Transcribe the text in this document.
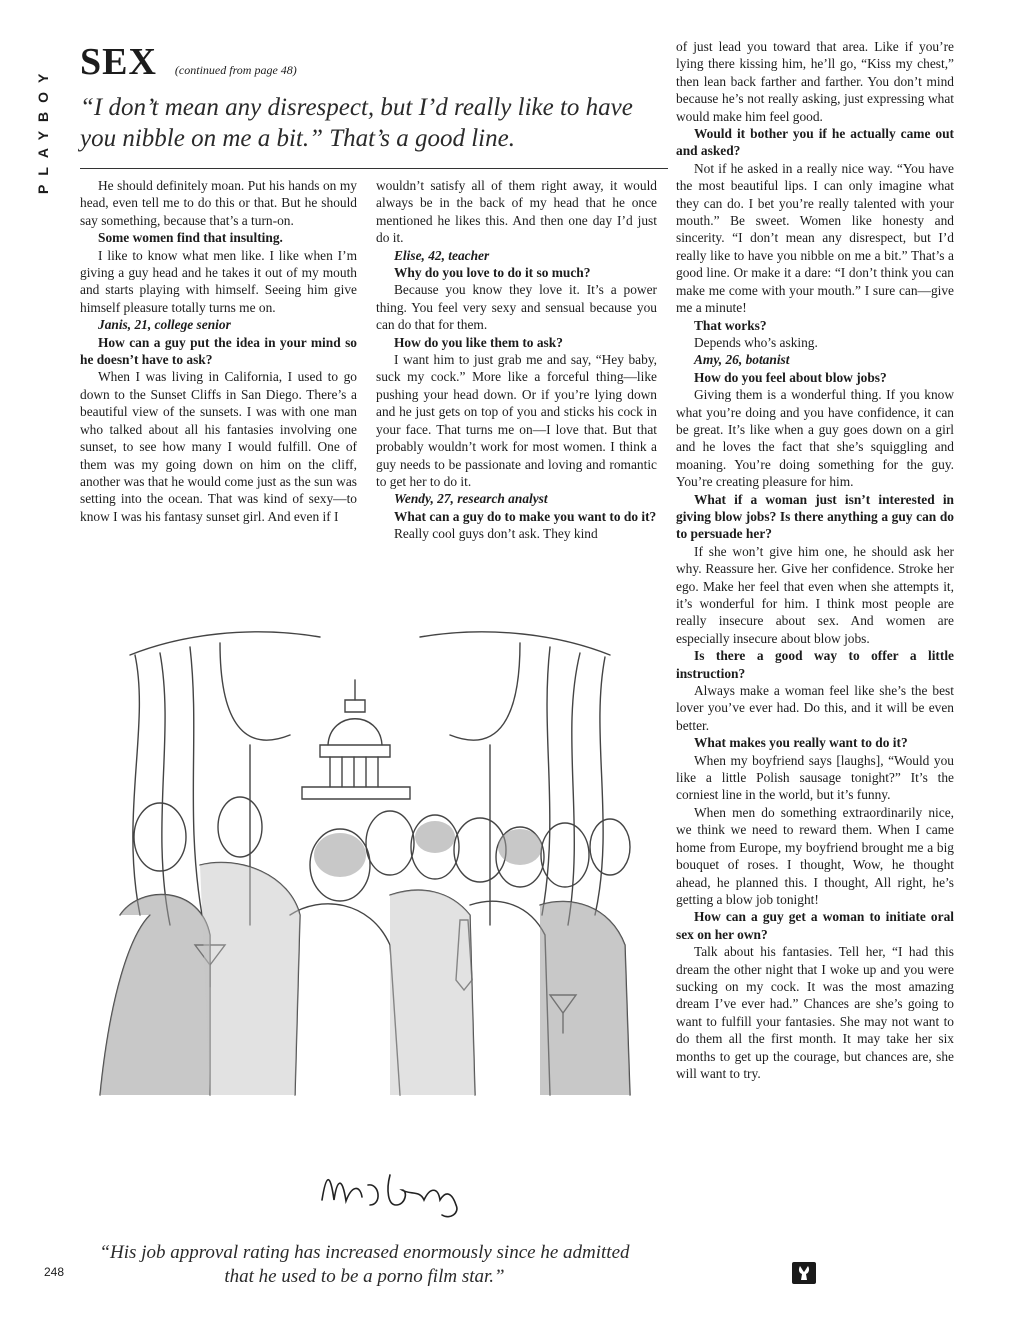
PLAYBOY
SEX (continued from page 48)
“I don’t mean any disrespect, but I’d really like to have you nibble on me a bit.” That’s a good line.

He should definitely moan. Put his hands on my head, even tell me to do this or that. But he should say something, because that’s a turn-on.

Some women find that insulting.

I like to know what men like. I like when I’m giving a guy head and he takes it out of my mouth and starts playing with himself. Seeing him give himself pleasure totally turns me on.

Janis, 21, college senior

How can a guy put the idea in your mind so he doesn’t have to ask?

When I was living in California, I used to go down to the Sunset Cliffs in San Diego. There’s a beautiful view of the sunsets. I was with one man who talked about all his fantasies involving one sunset, to see how many I would fulfill. One of them was my going down on him on the cliff, another was that he would come just as the sun was setting into the ocean. That was kind of sexy—to know I was his fantasy sunset girl. And even if I

wouldn’t satisfy all of them right away, it would always be in the back of my head that he once mentioned he likes this. And then one day I’d just do it.

Elise, 42, teacher

Why do you love to do it so much?

Because you know they love it. It’s a power thing. You feel very sexy and sensual because you can do that for them.

How do you like them to ask?

I want him to just grab me and say, “Hey baby, suck my cock.” More like a forceful thing—like pushing your head down. Or if you’re lying down and he just gets on top of you and sticks his cock in your face. That turns me on—I love that. But that probably wouldn’t work for most women. I think a guy needs to be passionate and loving and romantic to get her to do it.

Wendy, 27, research analyst

What can a guy do to make you want to do it?

Really cool guys don’t ask. They kind

of just lead you toward that area. Like if you’re lying there kissing him, he’ll go, “Kiss my chest,” then lean back farther and farther. You don’t mind because he’s not really asking, just expressing what would make him feel good.

Would it bother you if he actually came out and asked?

Not if he asked in a really nice way. “You have the most beautiful lips. I can only imagine what they can do. I bet you’re really talented with your mouth.” Be sweet. Women like honesty and sincerity. “I don’t mean any disrespect, but I’d really like to have you nibble on me a bit.” That’s a good line. Or make it a dare: “I don’t think you can make me come with your mouth.” I sure can—give me a minute!

That works?

Depends who’s asking.

Amy, 26, botanist

How do you feel about blow jobs?

Giving them is a wonderful thing. If you know what you’re doing and you have confidence, it can be great. It’s like when a guy goes down on a girl and he loves the fact that she’s squiggling and moaning. You’re doing something for the guy. You’re creating pleasure for him.

What if a woman just isn’t interested in giving blow jobs? Is there anything a guy can do to persuade her?

If she won’t give him one, he should ask her why. Reassure her. Give her confidence. Stroke her ego. Make her feel that even when she attempts it, it’s wonderful for him. I think most people are really insecure about sex. And women are especially insecure about blow jobs.

Is there a good way to offer a little instruction?

Always make a woman feel like she’s the best lover you’ve ever had. Do this, and it will be even better.

What makes you really want to do it?

When my boyfriend says [laughs], “Would you like a little Polish sausage tonight?” It’s the corniest line in the world, but it’s funny.

When men do something extraordinarily nice, we think we need to reward them. When I came home from Europe, my boyfriend brought me a big bouquet of roses. I thought, Wow, he thought ahead, he planned this. I thought, All right, he’s getting a blow job tonight!

How can a guy get a woman to initiate oral sex on her own?

Talk about his fantasies. Tell her, “I had this dream the other night that I woke up and you were sucking on my cock. It was the most amazing dream I’ve ever had.” Chances are she’s going to want to fulfill your fantasies. She may not want to do them all the first month. It may take her six months to get up the courage, but chances are, she will want to try.

“His job approval rating has increased enormously since he admitted that he used to be a porno film star.”
248
